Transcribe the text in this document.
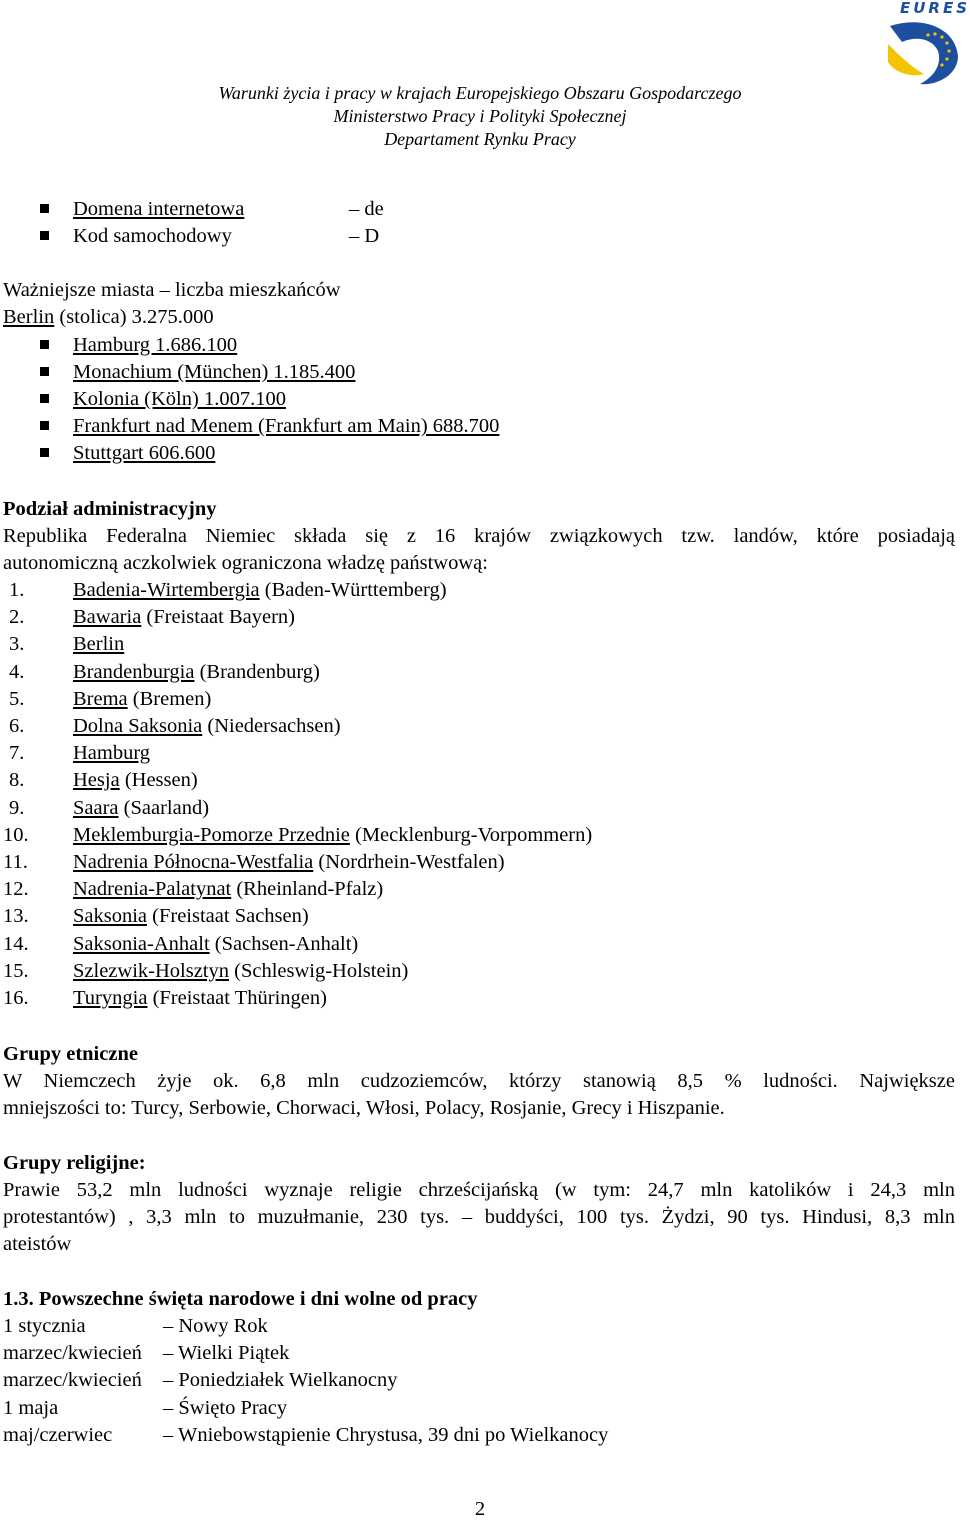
EURES
Warunki życia i pracy w krajach Europejskiego Obszaru Gospodarczego
Ministerstwo Pracy i Polityki Społecznej
Departament Rynku Pracy
Domena internetowa	– de
Kod samochodowy	– D
Ważniejsze miasta – liczba mieszkańców
Berlin (stolica) 3.275.000
Hamburg 1.686.100
Monachium (München) 1.185.400
Kolonia (Köln) 1.007.100
Frankfurt nad Menem (Frankfurt am Main) 688.700
Stuttgart 606.600
Podział administracyjny
Republika Federalna Niemiec składa się z 16 krajów związkowych tzw. landów, które posiadają
autonomiczną aczkolwiek ograniczona władzę państwową:
1. Badenia-Wirtembergia (Baden-Württemberg)
2. Bawaria (Freistaat Bayern)
3. Berlin
4. Brandenburgia (Brandenburg)
5. Brema (Bremen)
6. Dolna Saksonia (Niedersachsen)
7. Hamburg
8. Hesja (Hessen)
9. Saara (Saarland)
10. Meklemburgia-Pomorze Przednie (Mecklenburg-Vorpommern)
11. Nadrenia Północna-Westfalia (Nordrhein-Westfalen)
12. Nadrenia-Palatynat (Rheinland-Pfalz)
13. Saksonia (Freistaat Sachsen)
14. Saksonia-Anhalt (Sachsen-Anhalt)
15. Szlezwik-Holsztyn (Schleswig-Holstein)
16. Turyngia (Freistaat Thüringen)
Grupy etniczne
W Niemczech żyje ok. 6,8 mln cudzoziemców, którzy stanowią 8,5 % ludności. Największe
mniejszości to: Turcy, Serbowie, Chorwaci, Włosi, Polacy, Rosjanie, Grecy i Hiszpanie.
Grupy religijne:
Prawie 53,2 mln ludności wyznaje religie chrześcijańską (w tym: 24,7 mln katolików i 24,3 mln
protestantów) , 3,3 mln to muzułmanie, 230 tys. – buddyści, 100 tys. Żydzi, 90 tys. Hindusi, 8,3 mln
ateistów
1.3. Powszechne święta narodowe i dni wolne od pracy
1 stycznia	– Nowy Rok
marzec/kwiecień – Wielki Piątek
marzec/kwiecień – Poniedziałek Wielkanocny
1 maja	– Święto Pracy
maj/czerwiec – Wniebowstąpienie Chrystusa, 39 dni po Wielkanocy
2
